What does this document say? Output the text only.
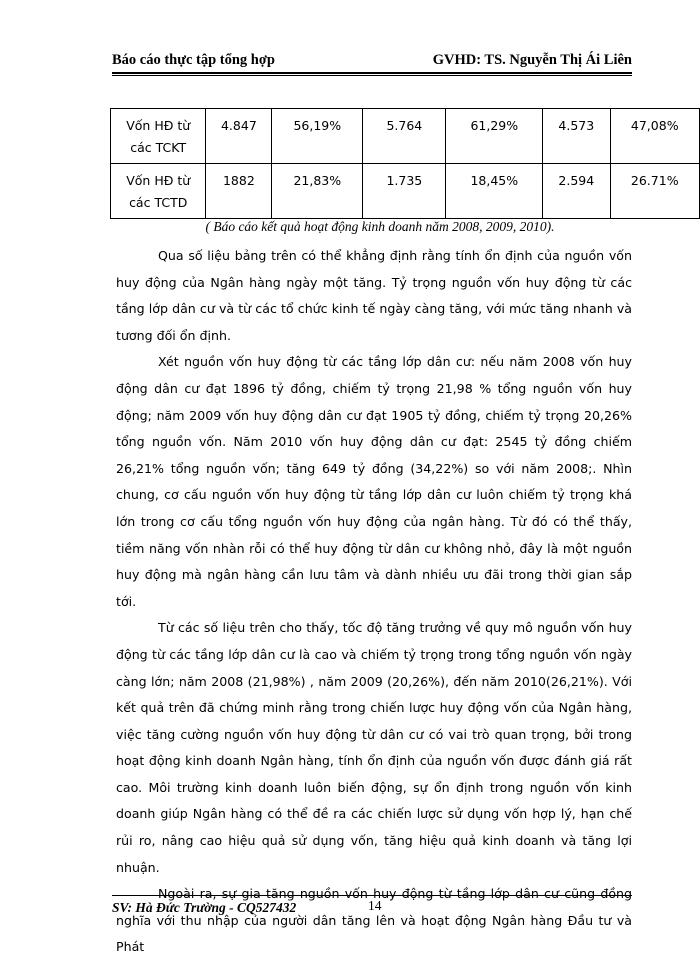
Báo cáo thực tập tổng hợp	GVHD: TS. Nguyễn Thị Ái Liên
Vốn HĐ từ các TCKT	4.847	56,19%	5.764	61,29%	4.573	47,08%
Vốn HĐ từ các TCTD	1882	21,83%	1.735	18,45%	2.594	26.71%
( Báo cáo kết quả hoạt động kinh doanh năm 2008, 2009, 2010).

Qua số liệu bảng trên có thể khẳng định rằng tính ổn định của nguồn vốn huy động của Ngân hàng ngày một tăng. Tỷ trọng nguồn vốn huy động từ các tầng lớp dân cư và từ các tổ chức kinh tế ngày càng tăng, với mức tăng nhanh và tương đối ổn định.

Xét nguồn vốn huy động từ các tầng lớp dân cư: nếu năm 2008 vốn huy động dân cư đạt 1896 tỷ đồng, chiếm tỷ trọng 21,98 % tổng nguồn vốn huy động; năm 2009 vốn huy động dân cư đạt 1905 tỷ đồng, chiếm tỷ trọng 20,26% tổng nguồn vốn. Năm 2010 vốn huy động dân cư đạt: 2545 tỷ đồng chiếm 26,21% tổng nguồn vốn; tăng 649 tỷ đồng (34,22%) so với năm 2008;. Nhìn chung, cơ cấu nguồn vốn huy động từ tầng lớp dân cư luôn chiếm tỷ trọng khá lớn trong cơ cấu tổng nguồn vốn huy động của ngân hàng. Từ đó có thể thấy, tiềm năng vốn nhàn rỗi có thể huy động từ dân cư không nhỏ, đây là một nguồn huy động mà ngân hàng cần lưu tâm và dành nhiều ưu đãi trong thời gian sắp tới.

Từ các số liệu trên cho thấy, tốc độ tăng trưởng về quy mô nguồn vốn huy động từ các tầng lớp dân cư là cao và chiếm tỷ trọng trong tổng nguồn vốn ngày càng lớn; năm 2008 (21,98%) , năm 2009 (20,26%), đến năm 2010(26,21%). Với kết quả trên đã chứng minh rằng trong chiến lược huy động vốn của Ngân hàng, việc tăng cường nguồn vốn huy động từ dân cư có vai trò quan trọng, bởi trong hoạt động kinh doanh Ngân hàng, tính ổn định của nguồn vốn được đánh giá rất cao. Môi trường kinh doanh luôn biến động, sự ổn định trong nguồn vốn kinh doanh giúp Ngân hàng có thể đề ra các chiến lược sử dụng vốn hợp lý, hạn chế rủi ro, nâng cao hiệu quả sử dụng vốn, tăng hiệu quả kinh doanh và tăng lợi nhuận.

Ngoài ra, sự gia tăng nguồn vốn huy động từ tầng lớp dân cư cũng đồng nghĩa với thu nhập của người dân tăng lên và hoạt động Ngân hàng Đầu tư và Phát

SV: Hà Đức Trường - CQ527432	14
